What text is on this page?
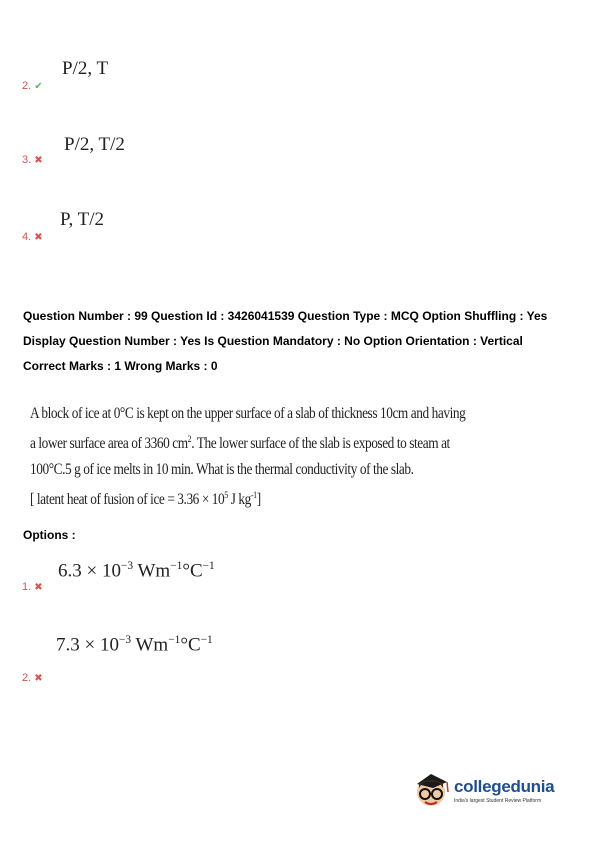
P/2, T
2. ✔
P/2, T/2
3. ✖
P, T/2
4. ✖
Question Number : 99 Question Id : 3426041539 Question Type : MCQ Option Shuffling : Yes
Display Question Number : Yes Is Question Mandatory : No Option Orientation : Vertical
Correct Marks : 1 Wrong Marks : 0
A block of ice at 0°C is kept on the upper surface of a slab of thickness 10cm and having
a lower surface area of 3360 $cm^2$. The lower surface of the slab is exposed to steam at
100°C.5 g of ice melts in 10 min. What is the thermal conductivity of the slab.
[ latent heat of fusion of ice = $3.36 \times 10^5$ J $kg^{-1}$]
Options :
$6.3 \times 10^{-3}$ $Wm^{-1}^\circ C^{-1}$
1. ✖
$7.3 \times 10^{-3}$ $Wm^{-1}^\circ C^{-1}$
2. ✖
collegedunia
India's largest Student Review Platform
